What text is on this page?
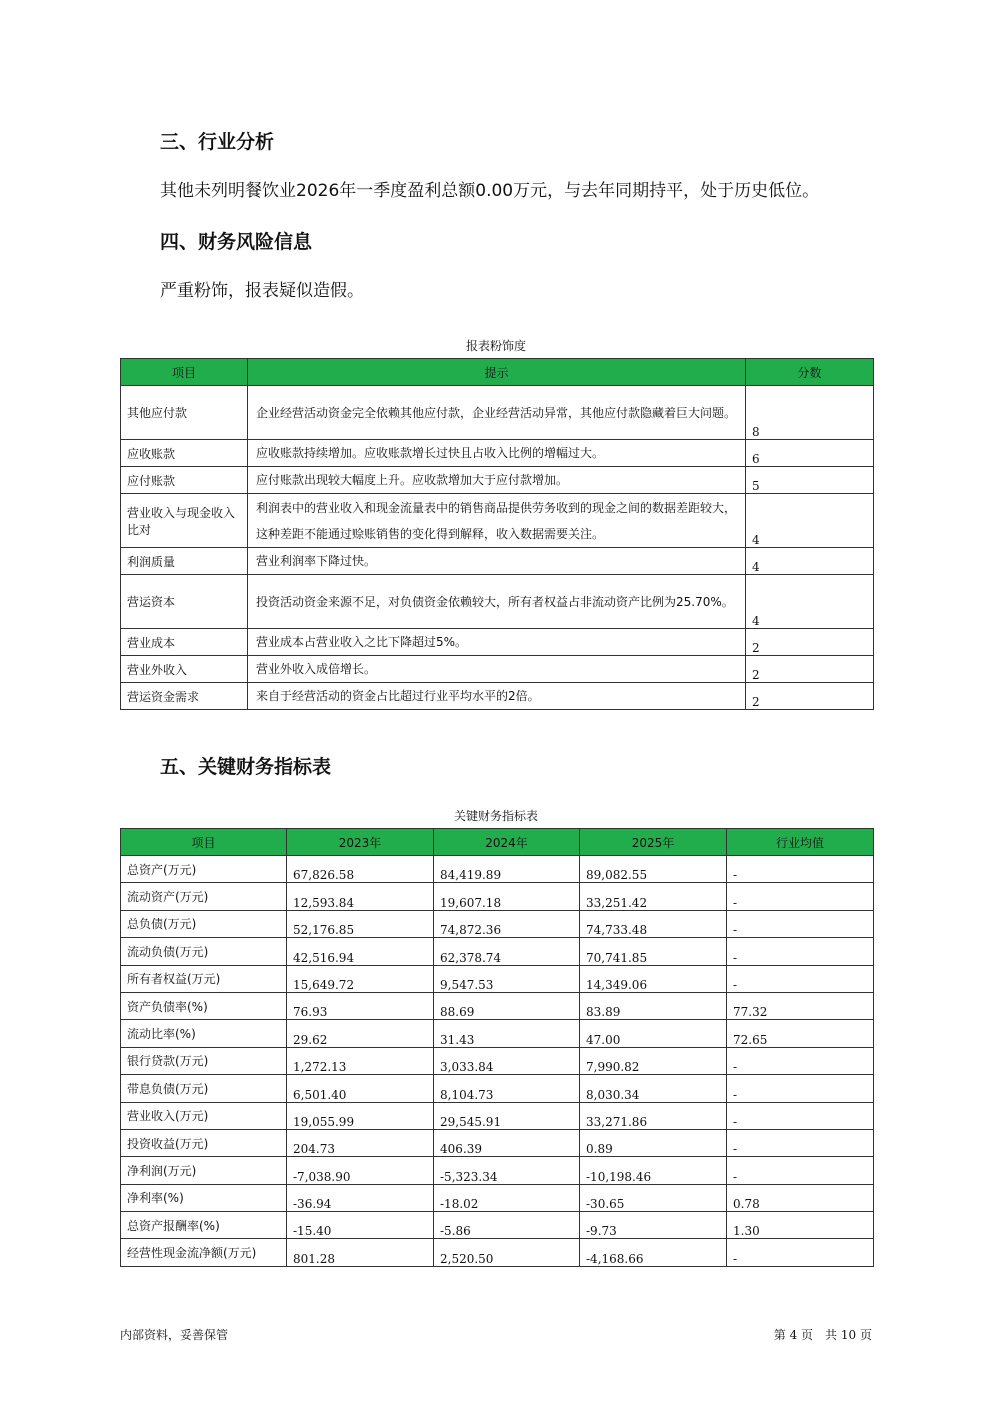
三、行业分析

其他未列明餐饮业2026年一季度盈利总额0.00万元，与去年同期持平，处于历史低位。

四、财务风险信息

严重粉饰，报表疑似造假。

报表粉饰度
项目	提示	分数
其他应付款	企业经营活动资金完全依赖其他应付款，企业经营活动异常，其他应付款隐藏着巨大问题。	8
应收账款	应收账款持续增加。应收账款增长过快且占收入比例的增幅过大。	6
应付账款	应付账款出现较大幅度上升。应收款增加大于应付款增加。	5
营业收入与现金收入比对	利润表中的营业收入和现金流量表中的销售商品提供劳务收到的现金之间的数据差距较大，这种差距不能通过赊账销售的变化得到解释，收入数据需要关注。	4
利润质量	营业利润率下降过快。	4
营运资本	投资活动资金来源不足，对负债资金依赖较大，所有者权益占非流动资产比例为25.70%。	4
营业成本	营业成本占营业收入之比下降超过5%。	2
营业外收入	营业外收入成倍增长。	2
营运资金需求	来自于经营活动的资金占比超过行业平均水平的2倍。	2
五、关键财务指标表
关键财务指标表
项目	2023年	2024年	2025年	行业均值
总资产(万元)	67,826.58	84,419.89	89,082.55	-
流动资产(万元)	12,593.84	19,607.18	33,251.42	-
总负债(万元)	52,176.85	74,872.36	74,733.48	-
流动负债(万元)	42,516.94	62,378.74	70,741.85	-
所有者权益(万元)	15,649.72	9,547.53	14,349.06	-
资产负债率(%)	76.93	88.69	83.89	77.32
流动比率(%)	29.62	31.43	47.00	72.65
银行贷款(万元)	1,272.13	3,033.84	7,990.82	-
带息负债(万元)	6,501.40	8,104.73	8,030.34	-
营业收入(万元)	19,055.99	29,545.91	33,271.86	-
投资收益(万元)	204.73	406.39	0.89	-
净利润(万元)	-7,038.90	-5,323.34	-10,198.46	-
净利率(%)	-36.94	-18.02	-30.65	0.78
总资产报酬率(%)	-15.40	-5.86	-9.73	1.30
经营性现金流净额(万元)	801.28	2,520.50	-4,168.66	-
内部资料，妥善保管	第 4 页　共 10 页
